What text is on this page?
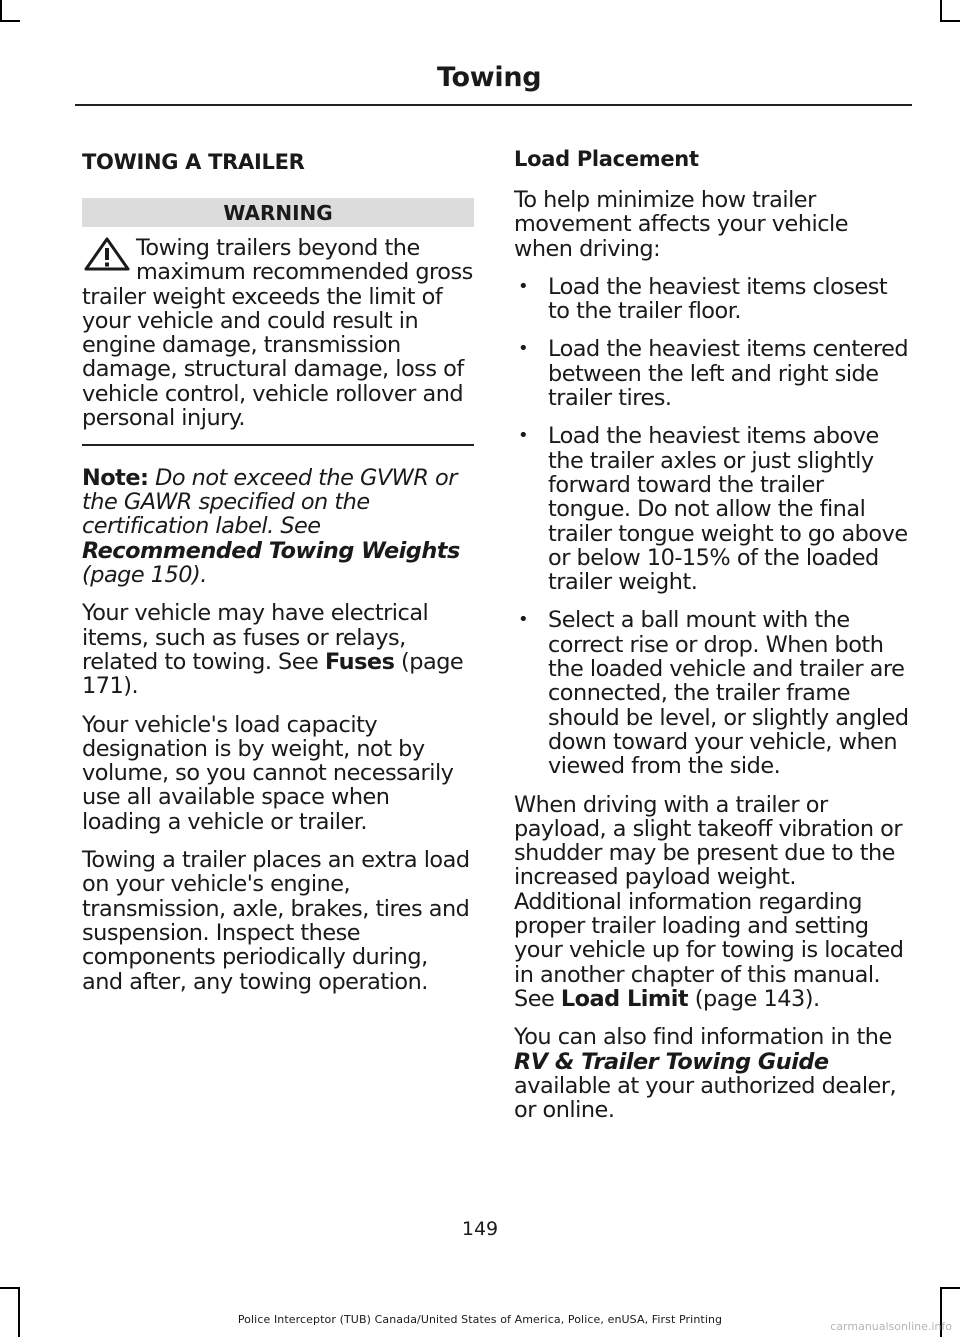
Towing
TOWING A TRAILER
WARNING

Towing trailers beyond the maximum recommended gross trailer weight exceeds the limit of your vehicle and could result in engine damage, transmission damage, structural damage, loss of vehicle control, vehicle rollover and personal injury.

Note: Do not exceed the GVWR or the GAWR specified on the certification label. See Recommended Towing Weights (page 150).

Your vehicle may have electrical items, such as fuses or relays, related to towing. See Fuses (page 171).

Your vehicle's load capacity designation is by weight, not by volume, so you cannot necessarily use all available space when loading a vehicle or trailer.

Towing a trailer places an extra load on your vehicle's engine, transmission, axle, brakes, tires and suspension. Inspect these components periodically during, and after, any towing operation.

Load Placement

To help minimize how trailer movement affects your vehicle when driving:

• Load the heaviest items closest to the trailer floor.
• Load the heaviest items centered between the left and right side trailer tires.
• Load the heaviest items above the trailer axles or just slightly forward toward the trailer tongue. Do not allow the final trailer tongue weight to go above or below 10-15% of the loaded trailer weight.
• Select a ball mount with the correct rise or drop. When both the loaded vehicle and trailer are connected, the trailer frame should be level, or slightly angled down toward your vehicle, when viewed from the side.

When driving with a trailer or payload, a slight takeoff vibration or shudder may be present due to the increased payload weight. Additional information regarding proper trailer loading and setting your vehicle up for towing is located in another chapter of this manual. See Load Limit (page 143).

You can also find information in the RV & Trailer Towing Guide available at your authorized dealer, or online.

149
Police Interceptor (TUB) Canada/United States of America, Police, enUSA, First Printing
carmanualsonline.info
